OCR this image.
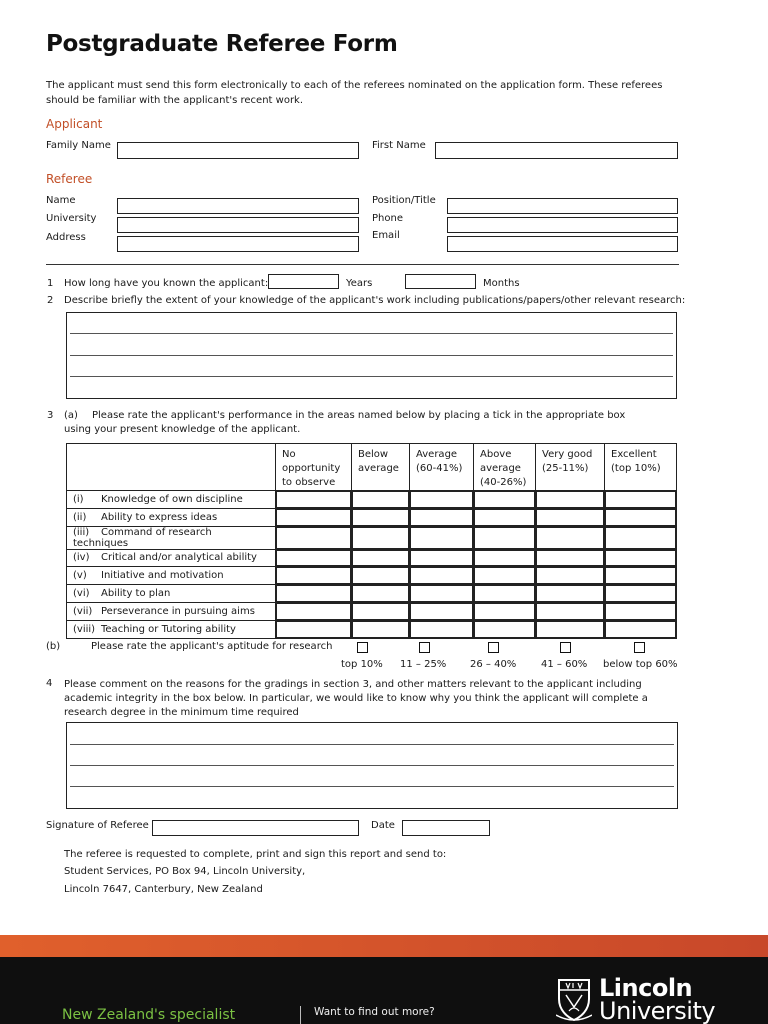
Postgraduate Referee Form
The applicant must send this form electronically to each of the referees nominated on the application form. These referees should be familiar with the applicant's recent work.
Applicant
Family Name	First Name
Referee
Name
University
Address
Position/Title
Phone
Email
1 How long have you known the applicant:	Years	Months
2 Describe briefly the extent of your knowledge of the applicant's work including publications/papers/other relevant research:
3 (a) Please rate the applicant's performance in the areas named below by placing a tick in the appropriate box
using your present knowledge of the applicant.
	No opportunity to observe	Below average	Average (60-41%)	Above average (40-26%)	Very good (25-11%)	Excellent (top 10%)
(i) Knowledge of own discipline	

(ii) Ability to express ideas	

(iii) Command of research techniques	

(iv) Critical and/or analytical ability	

(v) Initiative and motivation	

(vi) Ability to plan	

(vii) Perseverance in pursuing aims	

(viii) Teaching or Tutoring ability	

(b)	Please rate the applicant's aptitude for research
top 10% 11 – 25% 26 – 40% 41 – 60% below top 60%
4 Please comment on the reasons for the gradings in section 3, and other matters relevant to the applicant including academic integrity in the box below. In particular, we would like to know why you think the applicant will complete a research degree in the minimum time required
Signature of Referee	Date
The referee is requested to complete, print and sign this report and send to:
Student Services, PO Box 94, Lincoln University,
Lincoln 7647, Canterbury, New Zealand
New Zealand's specialist	Want to find out more?
Lincoln
University
